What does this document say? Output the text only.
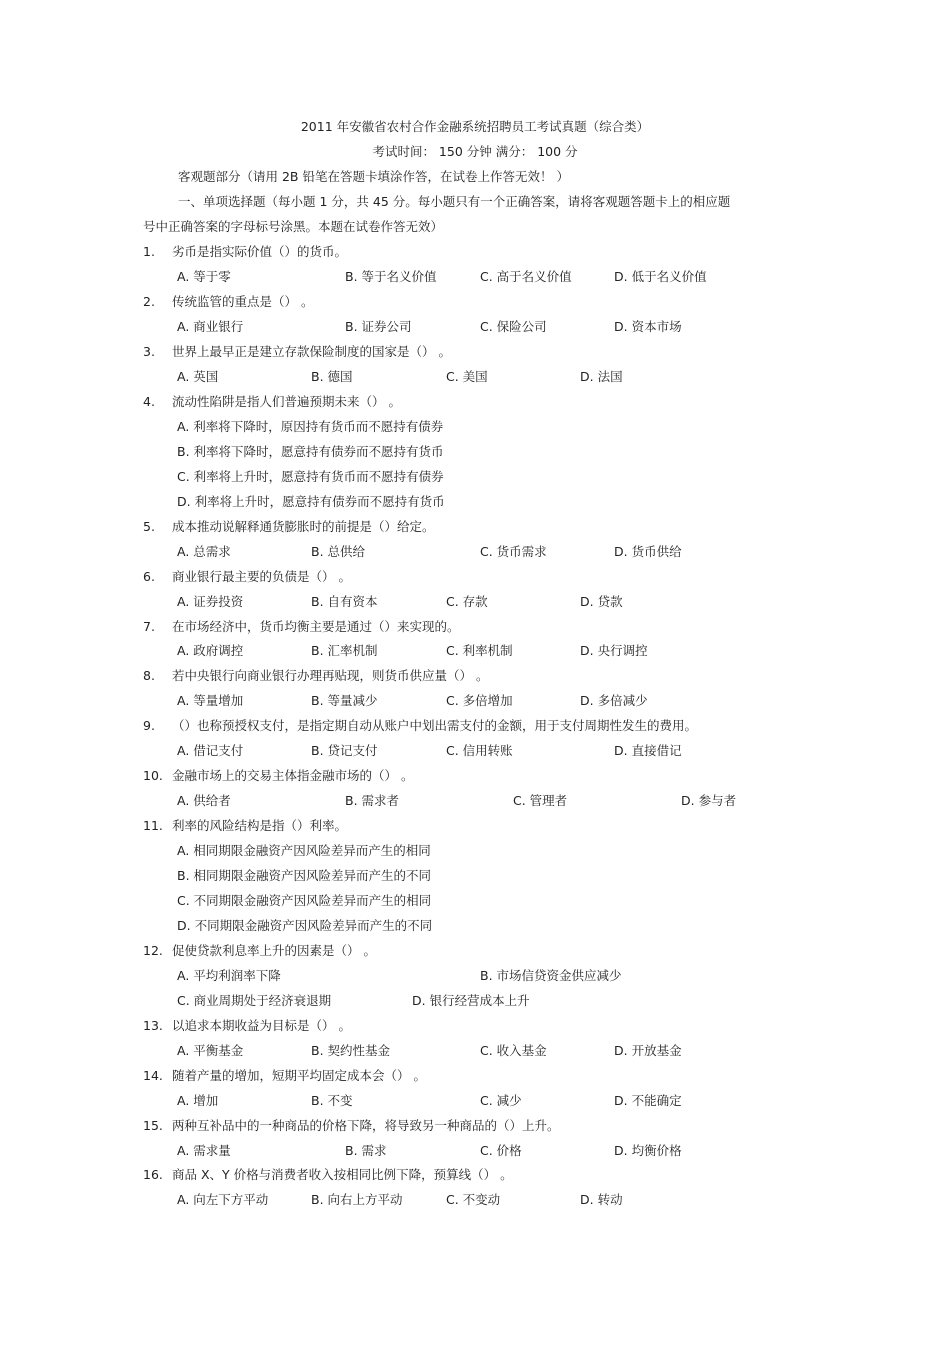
2011 年安徽省农村合作金融系统招聘员工考试真题（综合类）
考试时间： 150 分钟 满分： 100 分
客观题部分（请用 2B 铅笔在答题卡填涂作答，在试卷上作答无效！ ）
一、单项选择题（每小题 1 分，共 45 分。每小题只有一个正确答案，请将客观题答题卡上的相应题
号中正确答案的字母标号涂黑。本题在试卷作答无效）
1. 劣币是指实际价值（）的货币。
A. 等于零	B. 等于名义价值	C. 高于名义价值	D. 低于名义价值
2. 传统监管的重点是（） 。
A. 商业银行	B. 证券公司	C. 保险公司	D. 资本市场
3. 世界上最早正是建立存款保险制度的国家是（） 。
A. 英国	B. 德国	C. 美国	D. 法国
4. 流动性陷阱是指人们普遍预期未来（） 。
A. 利率将下降时，原因持有货币而不愿持有债券
B. 利率将下降时，愿意持有债券而不愿持有货币
C. 利率将上升时，愿意持有货币而不愿持有债券
D. 利率将上升时，愿意持有债券而不愿持有货币
5. 成本推动说解释通货膨胀时的前提是（）给定。
A. 总需求	B. 总供给	C. 货币需求	D. 货币供给
6. 商业银行最主要的负债是（） 。
A. 证券投资	B. 自有资本	C. 存款	D. 贷款
7. 在市场经济中，货币均衡主要是通过（）来实现的。
A. 政府调控	B. 汇率机制	C. 利率机制	D. 央行调控
8. 若中央银行向商业银行办理再贴现，则货币供应量（） 。
A. 等量增加	B. 等量减少	C. 多倍增加	D. 多倍减少
9. （）也称预授权支付，是指定期自动从账户中划出需支付的金额，用于支付周期性发生的费用。
A. 借记支付	B. 贷记支付	C. 信用转账	D. 直接借记
10. 金融市场上的交易主体指金融市场的（） 。
A. 供给者	B. 需求者	C. 管理者	D. 参与者
11. 利率的风险结构是指（）利率。
A. 相同期限金融资产因风险差异而产生的相同
B. 相同期限金融资产因风险差异而产生的不同
C. 不同期限金融资产因风险差异而产生的相同
D. 不同期限金融资产因风险差异而产生的不同
12. 促使贷款利息率上升的因素是（） 。
A. 平均利润率下降	B. 市场信贷资金供应减少
C. 商业周期处于经济衰退期	D. 银行经营成本上升
13. 以追求本期收益为目标是（） 。
A. 平衡基金	B. 契约性基金	C. 收入基金	D. 开放基金
14. 随着产量的增加，短期平均固定成本会（） 。
A. 增加	B. 不变	C. 减少	D. 不能确定
15. 两种互补品中的一种商品的价格下降，将导致另一种商品的（）上升。
A. 需求量	B. 需求	C. 价格	D. 均衡价格
16. 商品 X、Y 价格与消费者收入按相同比例下降，预算线（） 。
A. 向左下方平动	B. 向右上方平动	C. 不变动	D. 转动
